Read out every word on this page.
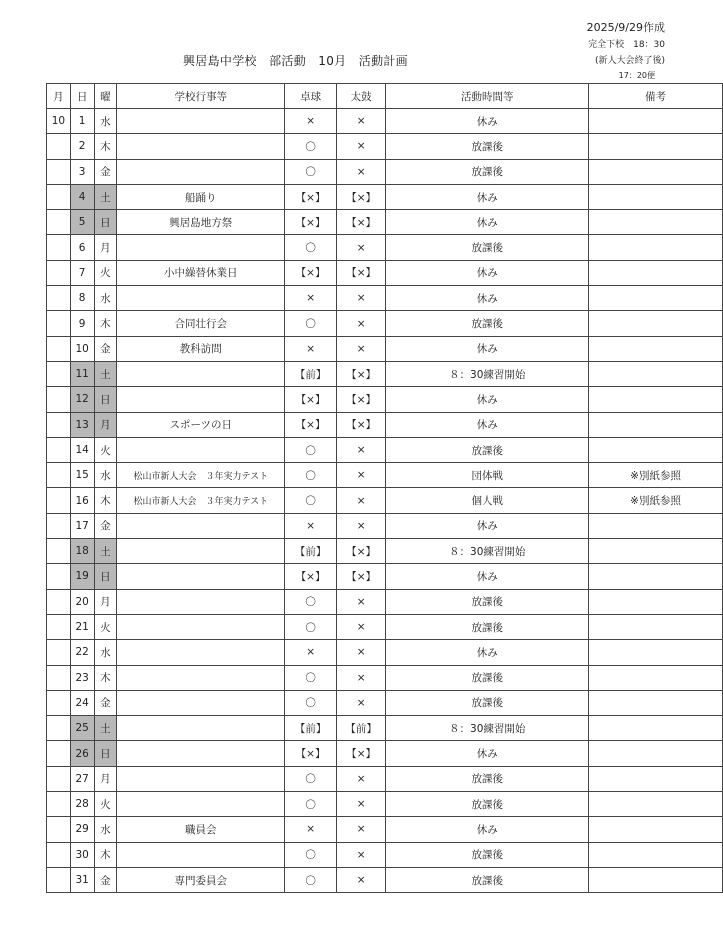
2025/9/29作成
完全下校　18：30
(新人大会終了後)
17：20便
興居島中学校　部活動　10月　活動計画
月	日	曜	学校行事等	卓球	太鼓	活動時間等	備考
10	1	水		×	×	休み	
	2	木		〇	×	放課後	
	3	金		〇	×	放課後	
	4	土	船踊り	【×】	【×】	休み	
	5	日	興居島地方祭	【×】	【×】	休み	
	6	月		〇	×	放課後	
	7	火	小中繰替休業日	【×】	【×】	休み	
	8	水		×	×	休み	
	9	木	合同壮行会	〇	×	放課後	
	10	金	教科訪問	×	×	休み	
	11	土		【前】	【×】	８：30練習開始	
	12	日		【×】	【×】	休み	
	13	月	スポーツの日	【×】	【×】	休み	
	14	火		〇	×	放課後	
	15	水	松山市新人大会　３年実力テスト	〇	×	団体戦	※別紙参照
	16	木	松山市新人大会　３年実力テスト	〇	×	個人戦	※別紙参照
	17	金		×	×	休み	
	18	土		【前】	【×】	８：30練習開始	
	19	日		【×】	【×】	休み	
	20	月		〇	×	放課後	
	21	火		〇	×	放課後	
	22	水		×	×	休み	
	23	木		〇	×	放課後	
	24	金		〇	×	放課後	
	25	土		【前】	【前】	８：30練習開始	
	26	日		【×】	【×】	休み	
	27	月		〇	×	放課後	
	28	火		〇	×	放課後	
	29	水	職員会	×	×	休み	
	30	木		〇	×	放課後	
	31	金	専門委員会	〇	×	放課後	
